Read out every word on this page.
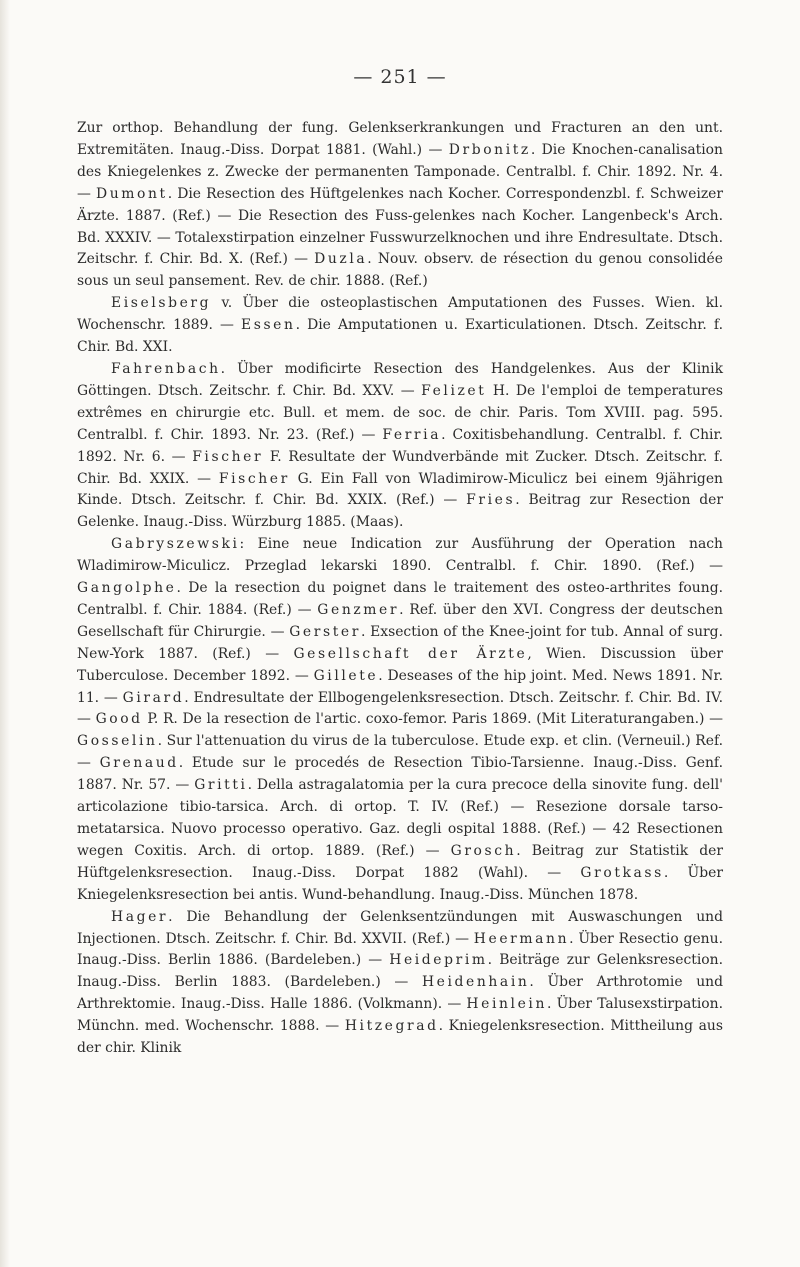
— 251 —

Zur orthop. Behandlung der fung. Gelenkserkrankungen und Fracturen an den unt. Extremitäten. Inaug.-Diss. Dorpat 1881. (Wahl.) — Drbonitz. Die Knochen-canalisation des Kniegelenkes z. Zwecke der permanenten Tamponade. Centralbl. f. Chir. 1892. Nr. 4. — Dumont. Die Resection des Hüftgelenkes nach Kocher. Correspondenzbl. f. Schweizer Ärzte. 1887. (Ref.) — Die Resection des Fuss-gelenkes nach Kocher. Langenbeck's Arch. Bd. XXXIV. — Totalexstirpation einzelner Fusswurzelknochen und ihre Endresultate. Dtsch. Zeitschr. f. Chir. Bd. X. (Ref.) — Duzla. Nouv. observ. de résection du genou consolidée sous un seul pansement. Rev. de chir. 1888. (Ref.)

Eiselsberg v. Über die osteoplastischen Amputationen des Fusses. Wien. kl. Wochenschr. 1889. — Essen. Die Amputationen u. Exarticulationen. Dtsch. Zeitschr. f. Chir. Bd. XXI.

Fahrenbach. Über modificirte Resection des Handgelenkes. Aus der Klinik Göttingen. Dtsch. Zeitschr. f. Chir. Bd. XXV. — Felizet H. De l'emploi de temperatures extrêmes en chirurgie etc. Bull. et mem. de soc. de chir. Paris. Tom XVIII. pag. 595. Centralbl. f. Chir. 1893. Nr. 23. (Ref.) — Ferria. Coxitisbehandlung. Centralbl. f. Chir. 1892. Nr. 6. — Fischer F. Resultate der Wundverbände mit Zucker. Dtsch. Zeitschr. f. Chir. Bd. XXIX. — Fischer G. Ein Fall von Wladimirow-Miculicz bei einem 9jährigen Kinde. Dtsch. Zeitschr. f. Chir. Bd. XXIX. (Ref.) — Fries. Beitrag zur Resection der Gelenke. Inaug.-Diss. Würzburg 1885. (Maas).

Gabryszewski: Eine neue Indication zur Ausführung der Operation nach Wladimirow-Miculicz. Przeglad lekarski 1890. Centralbl. f. Chir. 1890. (Ref.) — Gangolphe. De la resection du poignet dans le traitement des osteo-arthrites foung. Centralbl. f. Chir. 1884. (Ref.) — Genzmer. Ref. über den XVI. Congress der deutschen Gesellschaft für Chirurgie. — Gerster. Exsection of the Knee-joint for tub. Annal of surg. New-York 1887. (Ref.) — Gesellschaft der Ärzte, Wien. Discussion über Tuberculose. December 1892. — Gillete. Deseases of the hip joint. Med. News 1891. Nr. 11. — Girard. Endresultate der Ellbogengelenksresection. Dtsch. Zeitschr. f. Chir. Bd. IV. — Good P. R. De la resection de l'artic. coxo-femor. Paris 1869. (Mit Literaturangaben.) — Gosselin. Sur l'attenuation du virus de la tuberculose. Etude exp. et clin. (Verneuil.) Ref. — Grenaud. Etude sur le procedés de Resection Tibio-Tarsienne. Inaug.-Diss. Genf. 1887. Nr. 57. — Gritti. Della astragalatomia per la cura precoce della sinovite fung. dell' articolazione tibio-tarsica. Arch. di ortop. T. IV. (Ref.) — Resezione dorsale tarso-metatarsica. Nuovo processo operativo. Gaz. degli ospital 1888. (Ref.) — 42 Resectionen wegen Coxitis. Arch. di ortop. 1889. (Ref.) — Grosch. Beitrag zur Statistik der Hüftgelenksresection. Inaug.-Diss. Dorpat 1882 (Wahl). — Grotkass. Über Kniegelenksresection bei antis. Wund-behandlung. Inaug.-Diss. München 1878.

Hager. Die Behandlung der Gelenksentzündungen mit Auswaschungen und Injectionen. Dtsch. Zeitschr. f. Chir. Bd. XXVII. (Ref.) — Heermann. Über Resectio genu. Inaug.-Diss. Berlin 1886. (Bardeleben.) — Heideprim. Beiträge zur Gelenksresection. Inaug.-Diss. Berlin 1883. (Bardeleben.) — Heidenhain. Über Arthrotomie und Arthrektomie. Inaug.-Diss. Halle 1886. (Volkmann). — Heinlein. Über Talusexstirpation. Münchn. med. Wochenschr. 1888. — Hitzegrad. Kniegelenksresection. Mittheilung aus der chir. Klinik
